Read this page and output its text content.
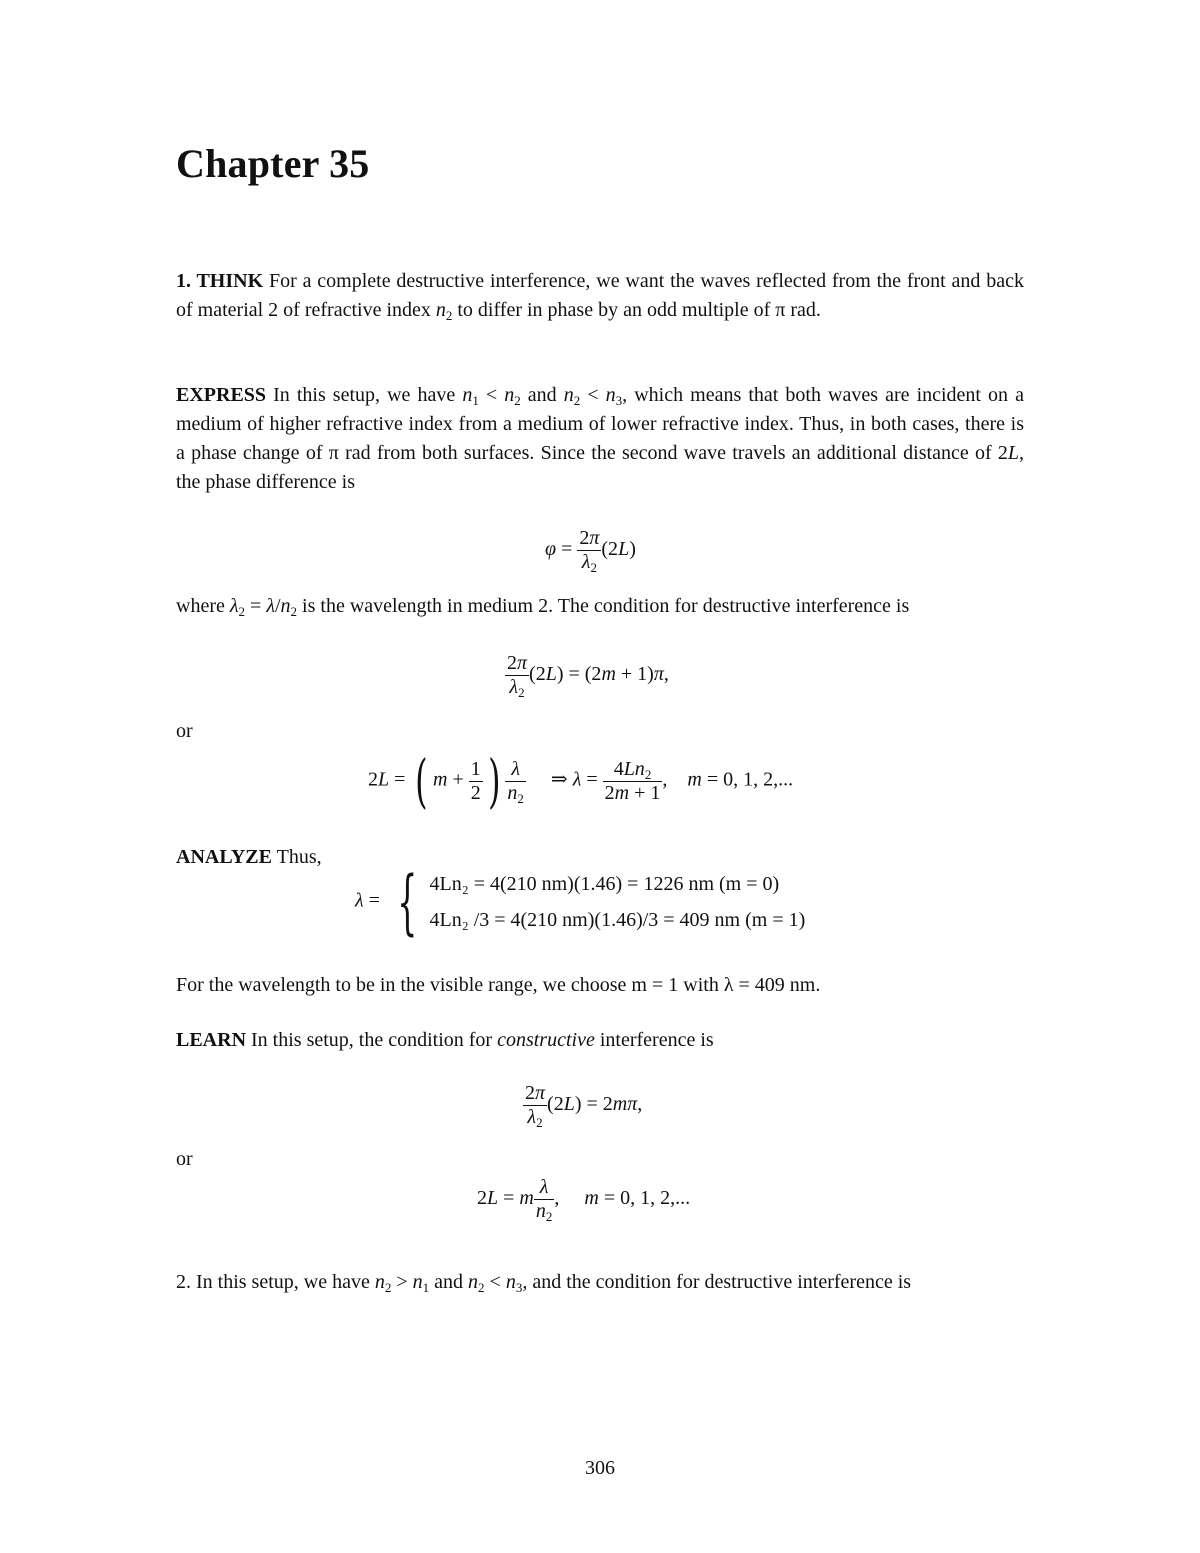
Chapter 35

1. THINK For a complete destructive interference, we want the waves reflected from the front and back of material 2 of refractive index $n_2$ to differ in phase by an odd multiple of π rad.

EXPRESS In this setup, we have $n_1 < n_2$ and $n_2 < n_3$, which means that both waves are incident on a medium of higher refractive index from a medium of lower refractive index. Thus, in both cases, there is a phase change of π rad from both surfaces. Since the second wave travels an additional distance of 2L, the phase difference is

$\varphi = \frac{2\pi}{\lambda_2} (2L)$

where $\lambda_2 = \lambda/n_2$ is the wavelength in medium 2. The condition for destructive interference is

$\frac{2\pi}{\lambda_2} (2L) = (2m + 1)\pi$,
or
2L = ( $m + \frac{1}{2}$ ) $\frac{\lambda}{n_2}$ ⇒ $\lambda = \frac{4Ln_2}{2m + 1}$ ,    m = 0, 1, 2,...

ANALYZE Thus,

λ = { 4Ln₂ = 4(210 nm)(1.46) = 1226 nm (m = 0)
4Ln₂ /3 = 4(210 nm)(1.46)/3 = 409 nm (m = 1)

For the wavelength to be in the visible range, we choose m = 1 with λ = 409 nm.

LEARN In this setup, the condition for constructive interference is

$\frac{2\pi}{\lambda_2} (2L) = 2m\pi$,
or
2L = m $\frac{\lambda}{n_2}$ ,     m = 0, 1, 2,...

2. In this setup, we have $n_2 > n_1$ and $n_2 < n_3$, and the condition for destructive interference is

306
